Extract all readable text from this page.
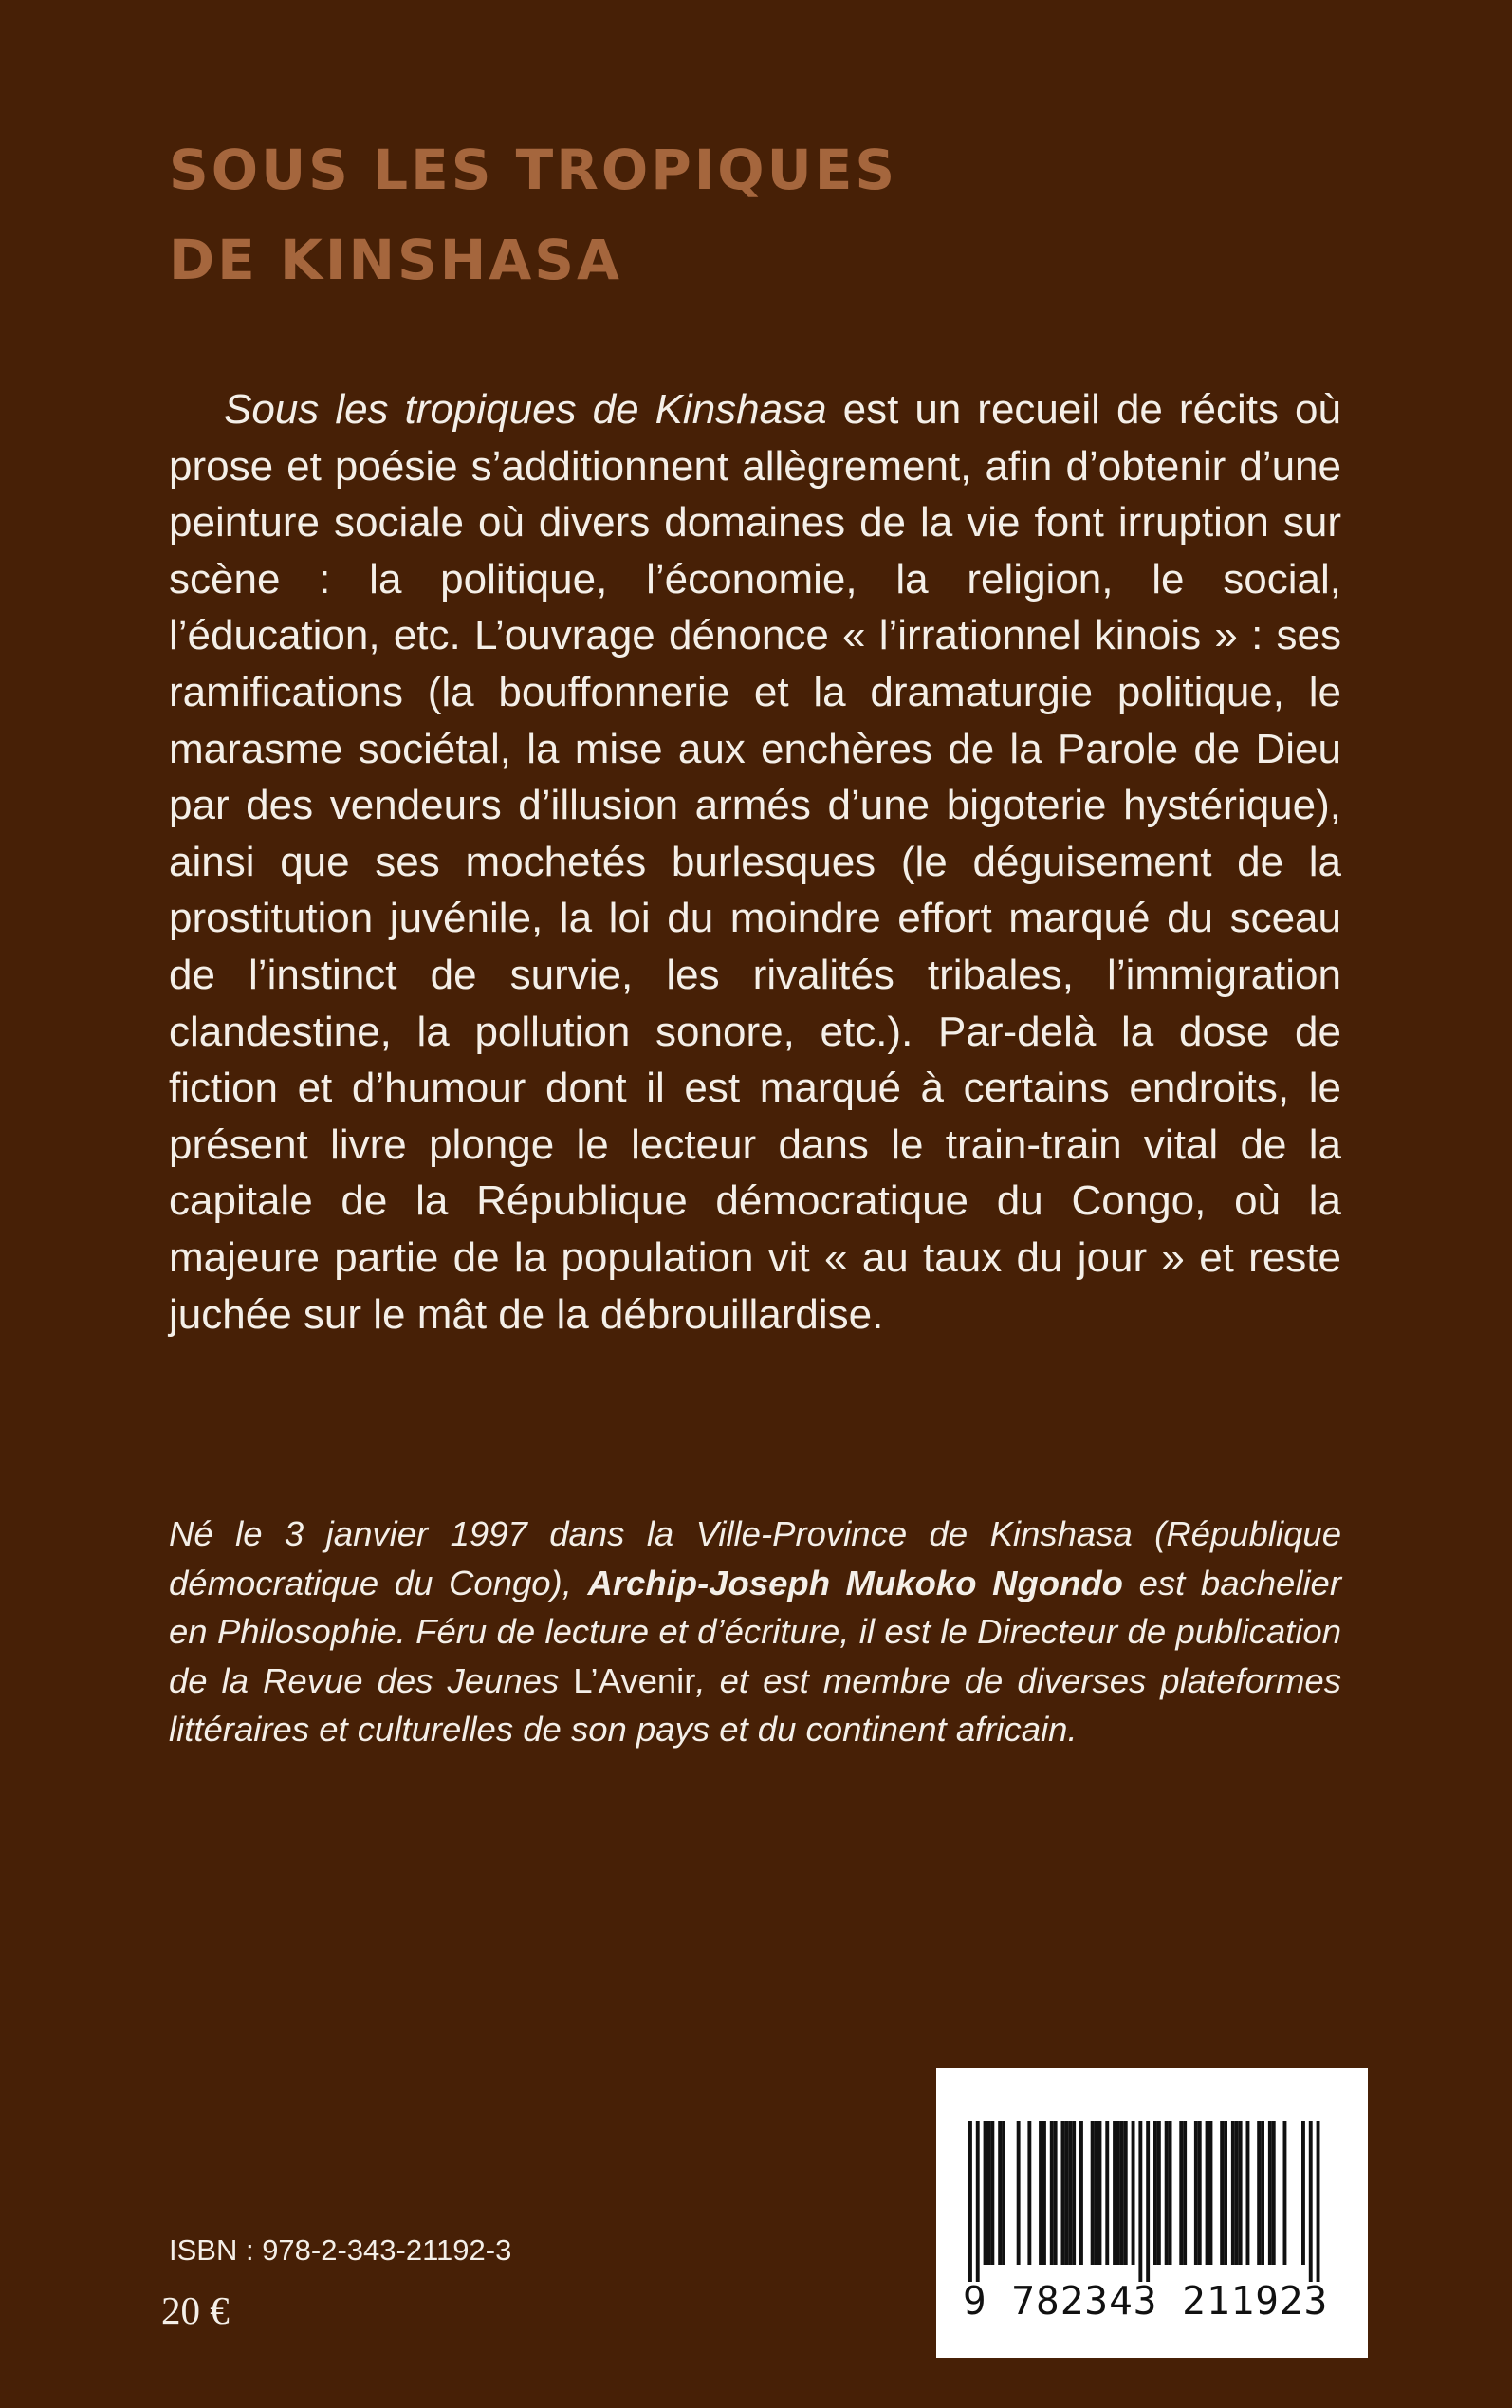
SOUS LES TROPIQUES
DE KINSHASA

Sous les tropiques de Kinshasa est un recueil de récits où prose et poésie s’additionnent allègrement, afin d’obtenir d’une peinture sociale où divers domaines de la vie font irruption sur scène : la politique, l’économie, la religion, le social, l’éducation, etc. L’ouvrage dénonce « l’irrationnel kinois » : ses ramifications (la bouffonnerie et la dramaturgie politique, le marasme sociétal, la mise aux enchères de la Parole de Dieu par des vendeurs d’illusion armés d’une bigoterie hystérique), ainsi que ses mochetés burlesques (le déguisement de la prostitution juvénile, la loi du moindre effort marqué du sceau de l’instinct de survie, les rivalités tribales, l’immigration clandestine, la pollution sonore, etc.). Par-delà la dose de fiction et d’humour dont il est marqué à certains endroits, le présent livre plonge le lecteur dans le train-train vital de la capitale de la République démocratique du Congo, où la majeure partie de la population vit « au taux du jour » et reste juchée sur le mât de la débrouillardise.

Né le 3 janvier 1997 dans la Ville-Province de Kinshasa (République démocratique du Congo), Archip-Joseph Mukoko Ngondo est bachelier en Philosophie. Féru de lecture et d’écriture, il est le Directeur de publication de la Revue des Jeunes L’Avenir, et est membre de diverses plateformes littéraires et culturelles de son pays et du continent africain.

ISBN : 978-2-343-21192-3
20 €	9 782343 211923
